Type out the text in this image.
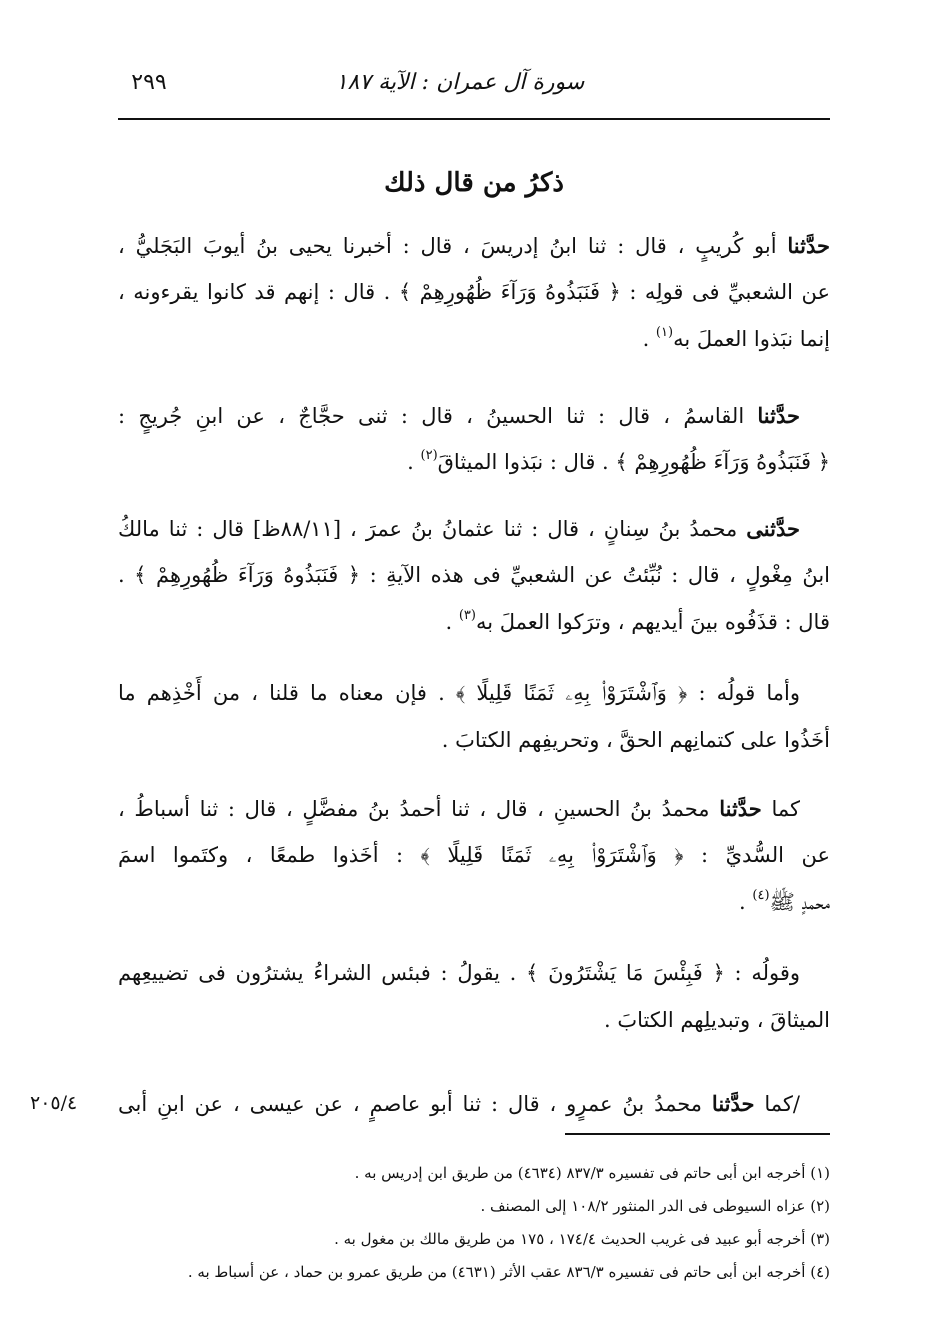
سورة آل عمران : الآية ١٨٧
٢٩٩
ذكرُ من قال ذلك

حدَّثنا أبو كُريبٍ ، قال : ثنا ابنُ إدريسَ ، قال : أخبرنا يحيى بنُ أيوبَ البَجَليُّ ،
عن الشعبيِّ فى قولِه : ﴿ فَنَبَذُوهُ وَرَآءَ ظُهُورِهِمْ ﴾ . قال : إنهم قد كانوا يقرءونه ،
إنما نبَذوا العملَ به$^{(١)}$ .

حدَّثنا القاسمُ ، قال : ثنا الحسينُ ، قال : ثنى حجَّاجٌ ، عن ابنِ جُريجٍ :
﴿ فَنَبَذُوهُ وَرَآءَ ظُهُورِهِمْ ﴾ . قال : نبَذوا الميثاقَ$^{(٢)}$ .

حدَّثنى محمدُ بنُ سِنانٍ ، قال : ثنا عثمانُ بنُ عمرَ ، [٨٨/١١ظ] قال : ثنا مالكُ
ابنُ مِغْولٍ ، قال : نُبِّئتُ عن الشعبيِّ فى هذه الآيةِ : ﴿ فَنَبَذُوهُ وَرَآءَ ظُهُورِهِمْ ﴾ .
قال : قذَفُوه بينَ أيديهم ، وترَكوا العملَ به$^{(٣)}$ .

وأما قولُه : ﴿ وَٱشْتَرَوْا۟ بِهِۦ ثَمَنًا قَلِيلًا ﴾ . فإن معناه ما قلنا ، من أَخْذِهم ما
أخَذُوا على كتمانِهم الحقَّ ، وتحريفِهم الكتابَ .

كما حدَّثنا محمدُ بنُ الحسينِ ، قال ، ثنا أحمدُ بنُ مفضَّلٍ ، قال : ثنا أسباطُ ،
عن السُّديِّ : ﴿ وَٱشْتَرَوْا۟ بِهِۦ ثَمَنًا قَلِيلًا ﴾ : أخَذوا طمعًا ، وكتَموا اسمَ
محمدٍ ﷺ$^{(٤)}$ .

وقولُه : ﴿ فَبِئْسَ مَا يَشْتَرُونَ ﴾ . يقولُ : فبئس الشراءُ يشترُون فى تضييعِهم
الميثاقَ ، وتبديلِهم الكتابَ .

/كما حدَّثنا محمدُ بنُ عمرٍو ، قال : ثنا أبو عاصمٍ ، عن عيسى ، عن ابنِ أبى

٢٠٥/٤
(١) أخرجه ابن أبى حاتم فى تفسيره ٨٣٧/٣ (٤٦٣٤) من طريق ابن إدريس به .
(٢) عزاه السيوطى فى الدر المنثور ١٠٨/٢ إلى المصنف .
(٣) أخرجه أبو عبيد فى غريب الحديث ١٧٤/٤ ، ١٧٥ من طريق مالك بن مغول به .
(٤) أخرجه ابن أبى حاتم فى تفسيره ٨٣٦/٣ عقب الأثر (٤٦٣١) من طريق عمرو بن حماد ، عن أسباط به .
